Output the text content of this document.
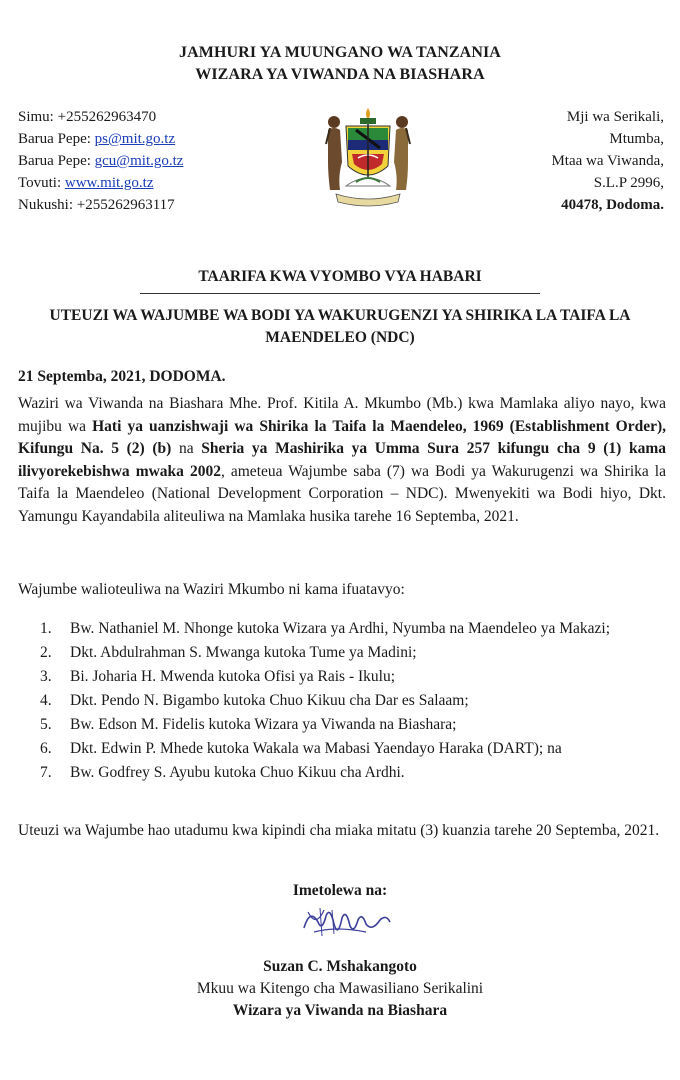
JAMHURI YA MUUNGANO WA TANZANIA
WIZARA YA VIWANDA NA BIASHARA
Simu: +255262963470
Barua Pepe: ps@mit.go.tz
Barua Pepe: gcu@mit.go.tz
Tovuti: www.mit.go.tz
Nukushi: +255262963117
Mji wa Serikali,
Mtumba,
Mtaa wa Viwanda,
S.L.P 2996,
40478, Dodoma.
TAARIFA KWA VYOMBO VYA HABARI
UTEUZI WA WAJUMBE WA BODI YA WAKURUGENZI YA SHIRIKA LA TAIFA LA MAENDELEO (NDC)
21 Septemba, 2021, DODOMA.
Waziri wa Viwanda na Biashara Mhe. Prof. Kitila A. Mkumbo (Mb.) kwa Mamlaka aliyo nayo, kwa mujibu wa Hati ya uanzishwaji wa Shirika la Taifa la Maendeleo, 1969 (Establishment Order), Kifungu Na. 5 (2) (b) na Sheria ya Mashirika ya Umma Sura 257 kifungu cha 9 (1) kama ilivyorekebishwa mwaka 2002, ameteua Wajumbe saba (7) wa Bodi ya Wakurugenzi wa Shirika la Taifa la Maendeleo (National Development Corporation – NDC). Mwenyekiti wa Bodi hiyo, Dkt. Yamungu Kayandabila aliteuliwa na Mamlaka husika tarehe 16 Septemba, 2021.
Wajumbe walioteuliwa na Waziri Mkumbo ni kama ifuatavyo:
1.	Bw. Nathaniel M. Nhonge kutoka Wizara ya Ardhi, Nyumba na Maendeleo ya Makazi;
2.	Dkt. Abdulrahman S. Mwanga kutoka Tume ya Madini;
3.	Bi. Joharia H. Mwenda kutoka Ofisi ya Rais - Ikulu;
4.	Dkt. Pendo N. Bigambo kutoka Chuo Kikuu cha Dar es Salaam;
5.	Bw. Edson M. Fidelis kutoka Wizara ya Viwanda na Biashara;
6.	Dkt. Edwin P. Mhede kutoka Wakala wa Mabasi Yaendayo Haraka (DART); na
7.	Bw. Godfrey S. Ayubu kutoka Chuo Kikuu cha Ardhi.
Uteuzi wa Wajumbe hao utadumu kwa kipindi cha miaka mitatu (3) kuanzia tarehe 20 Septemba, 2021.
Imetolewa na:
Suzan C. Mshakangoto
Mkuu wa Kitengo cha Mawasiliano Serikalini
Wizara ya Viwanda na Biashara
